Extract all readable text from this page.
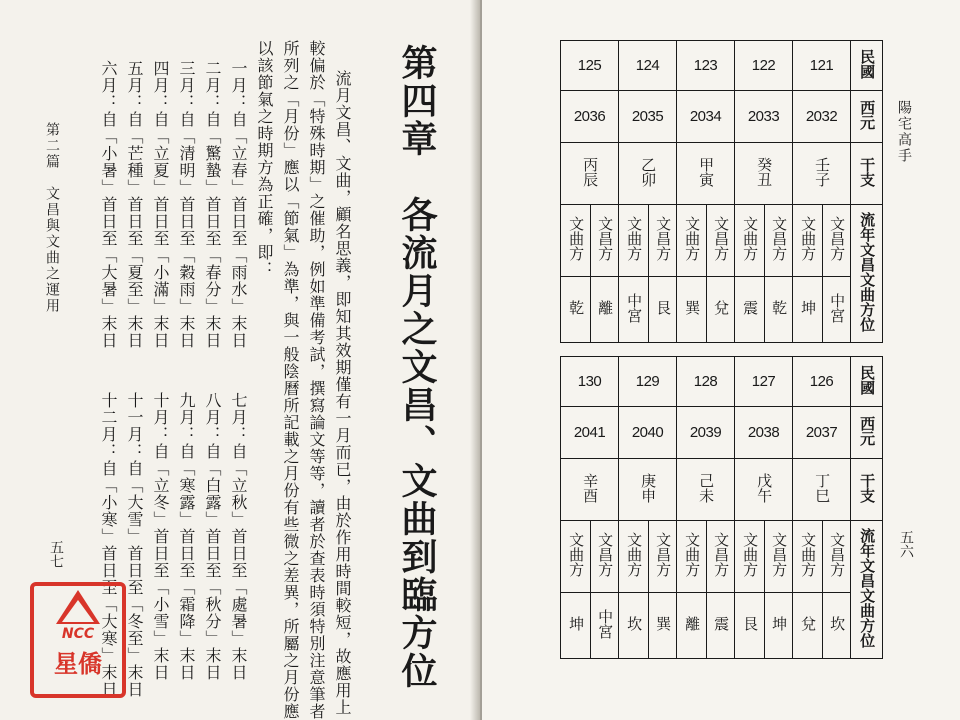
第二篇　文昌與文曲之運用
五七
六月：自「小暑」首日至「大暑」末日 五月：自「芒種」首日至「夏至」末日 四月：自「立夏」首日至「小滿」末日 三月：自「清明」首日至「穀雨」末日 二月：自「驚蟄」首日至「春分」末日 一月：自「立春」首日至「雨水」末日
十二月：自「小寒」首日至「大寒」末日 十一月：自「大雪」首日至「冬至」末日 十月：自「立冬」首日至「小雪」末日 九月：自「寒露」首日至「霜降」末日 八月：自「白露」首日至「秋分」末日 七月：自「立秋」首日至「處暑」末日
以該節氣之時期方為正確，即： 所列之「月份」應以「節氣」為準，與一般陰曆所記載之月份有些微之差異，所屬之月份應 較偏於「特殊時期」之催助，例如準備考試，撰寫論文等等，讀者於查表時須特別注意筆者 流月文昌、文曲，顧名思義，即知其效期僅有一月而已，由於作用時間較短，故應用上 第四章　各流月之文昌、文曲到臨方位	陽宅高手
五六
125		124		123		122		121		民國
2036		2035		2034		2033		2032		西元
丙辰		乙卯		甲寅		癸丑		壬子		干支
文曲方	文昌方	文曲方	文昌方	文曲方	文昌方	文曲方	文昌方	文曲方	文昌方	流年文昌文曲方位
乾	離	中宮	艮	巽	兌	震	乾	坤	中宮	
130		129		128		127		126		民國
2041		2040		2039		2038		2037		西元
辛酉		庚申		己未		戊午		丁巳		干支
文曲方	文昌方	文曲方	文昌方	文曲方	文昌方	文曲方	文昌方	文曲方	文昌方	流年文昌文曲方位
坤	中宮	坎	巽	離	震	艮	坤	兌	坎	
NCC
星僑
